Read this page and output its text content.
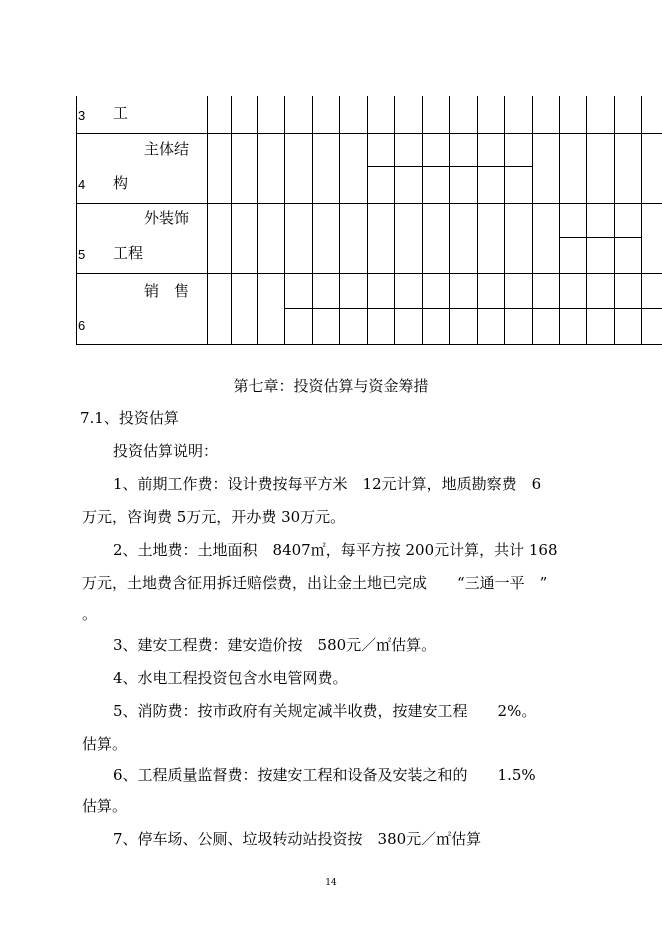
3 工
4
主体结
构
5
外装饰
工程
6
销　售
第七章：投资估算与资金筹措
7.1、投资估算
投资估算说明：
1、前期工作费：设计费按每平方米　12元计算，地质勘察费　6
万元，咨询费 5万元，开办费 30万元。
2、土地费：土地面积　8407㎡，每平方按 200元计算，共计 168
万元，土地费含征用拆迁赔偿费，出让金土地已完成　　“三通一平　”
。
3、建安工程费：建安造价按　580元／㎡估算。
4、水电工程投资包含水电管网费。
5、消防费：按市政府有关规定减半收费，按建安工程　　2%。
估算。
6、工程质量监督费：按建安工程和设备及安装之和的　　1.5%
估算。
7、停车场、公厕、垃圾转动站投资按　380元／㎡估算
14
